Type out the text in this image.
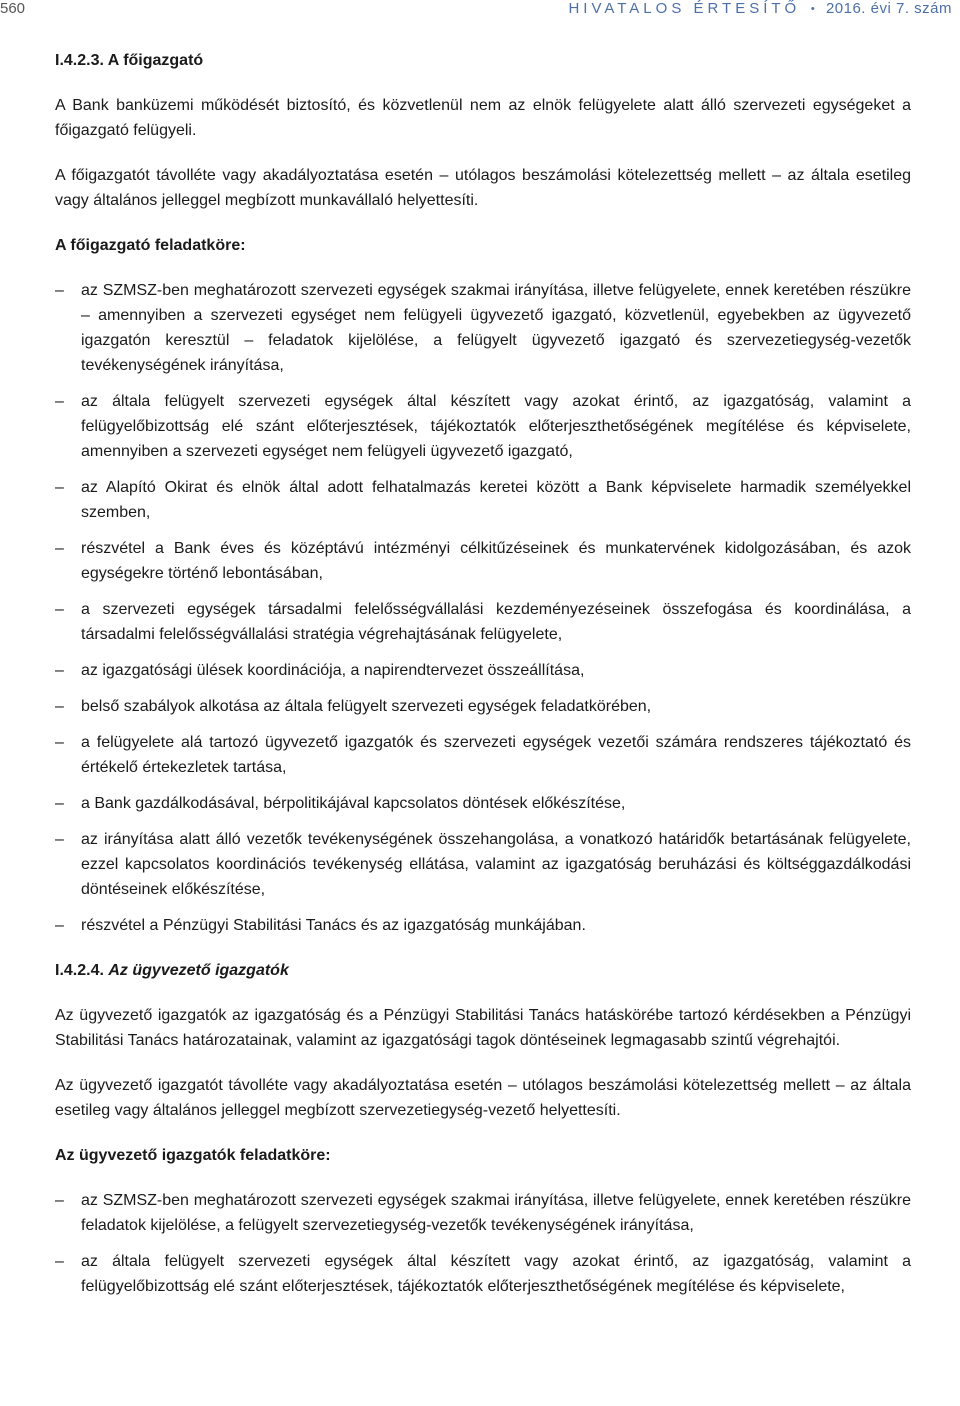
560	HIVATALOS ÉRTESÍTŐ • 2016. évi 7. szám
I.4.2.3. A főigazgató

A Bank banküzemi működését biztosító, és közvetlenül nem az elnök felügyelete alatt álló szervezeti egységeket a főigazgató felügyeli.

A főigazgatót távolléte vagy akadályoztatása esetén – utólagos beszámolási kötelezettség mellett – az általa esetileg vagy általános jelleggel megbízott munkavállaló helyettesíti.

A főigazgató feladatköre:
– az SZMSZ-ben meghatározott szervezeti egységek szakmai irányítása, illetve felügyelete, ennek keretében részükre – amennyiben a szervezeti egységet nem felügyeli ügyvezető igazgató, közvetlenül, egyebekben az ügyvezető igazgatón keresztül – feladatok kijelölése, a felügyelt ügyvezető igazgató és szervezetiegység-vezetők tevékenységének irányítása,
– az általa felügyelt szervezeti egységek által készített vagy azokat érintő, az igazgatóság, valamint a felügyelőbizottság elé szánt előterjesztések, tájékoztatók előterjeszthetőségének megítélése és képviselete, amennyiben a szervezeti egységet nem felügyeli ügyvezető igazgató,
– az Alapító Okirat és elnök által adott felhatalmazás keretei között a Bank képviselete harmadik személyekkel szemben,
– részvétel a Bank éves és középtávú intézményi célkitűzéseinek és munkatervének kidolgozásában, és azok egységekre történő lebontásában,
– a szervezeti egységek társadalmi felelősségvállalási kezdeményezéseinek összefogása és koordinálása, a társadalmi felelősségvállalási stratégia végrehajtásának felügyelete,
– az igazgatósági ülések koordinációja, a napirendtervezet összeállítása,
– belső szabályok alkotása az általa felügyelt szervezeti egységek feladatkörében,
– a felügyelete alá tartozó ügyvezető igazgatók és szervezeti egységek vezetői számára rendszeres tájékoztató és értékelő értekezletek tartása,
– a Bank gazdálkodásával, bérpolitikájával kapcsolatos döntések előkészítése,
– az irányítása alatt álló vezetők tevékenységének összehangolása, a vonatkozó határidők betartásának felügyelete, ezzel kapcsolatos koordinációs tevékenység ellátása, valamint az igazgatóság beruházási és költséggazdálkodási döntéseinek előkészítése,
– részvétel a Pénzügyi Stabilitási Tanács és az igazgatóság munkájában.
I.4.2.4. Az ügyvezető igazgatók

Az ügyvezető igazgatók az igazgatóság és a Pénzügyi Stabilitási Tanács hatáskörébe tartozó kérdésekben a Pénzügyi Stabilitási Tanács határozatainak, valamint az igazgatósági tagok döntéseinek legmagasabb szintű végrehajtói.

Az ügyvezető igazgatót távolléte vagy akadályoztatása esetén – utólagos beszámolási kötelezettség mellett – az általa esetileg vagy általános jelleggel megbízott szervezetiegység-vezető helyettesíti.

Az ügyvezető igazgatók feladatköre:
– az SZMSZ-ben meghatározott szervezeti egységek szakmai irányítása, illetve felügyelete, ennek keretében részükre feladatok kijelölése, a felügyelt szervezetiegység-vezetők tevékenységének irányítása,
– az általa felügyelt szervezeti egységek által készített vagy azokat érintő, az igazgatóság, valamint a felügyelőbizottság elé szánt előterjesztések, tájékoztatók előterjeszthetőségének megítélése és képviselete,
